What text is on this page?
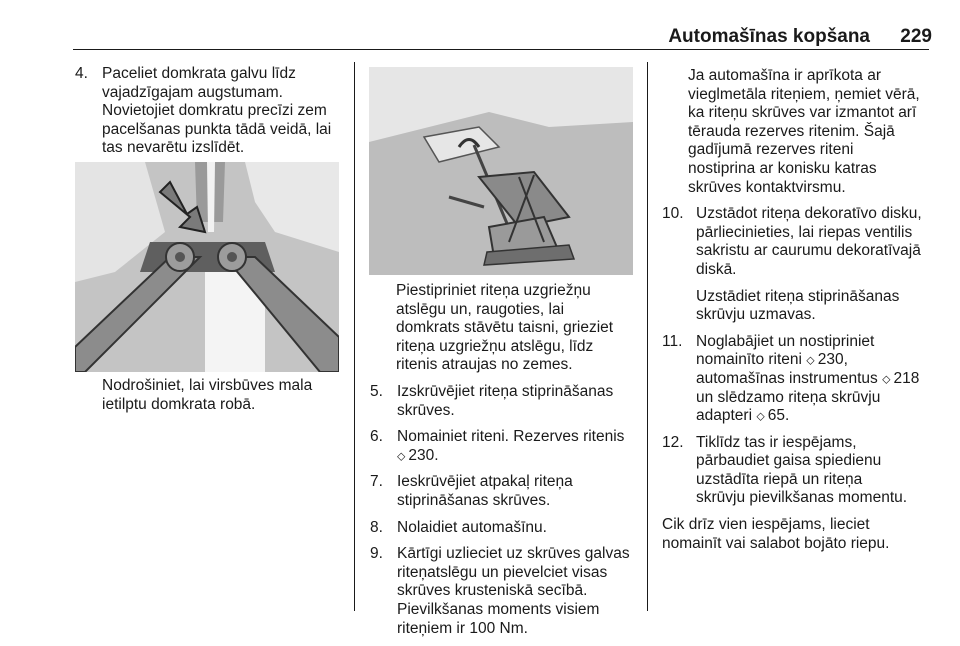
Automašīnas kopšana 229
4. Paceliet domkrata galvu līdz
vajadzīgajam augstumam.
Novietojiet domkratu precīzi zem
pacelšanas punkta tādā veidā, lai
tas nevarētu izslīdēt.
Nodrošiniet, lai virsbūves mala
ietilptu domkrata robā.
Piestipriniet riteņa uzgriežņu
atslēgu un, raugoties, lai
domkrats stāvētu taisni, grieziet
riteņa uzgriežņu atslēgu, līdz
ritenis atraujas no zemes.
5. Izskrūvējiet riteņa stiprināšanas
skrūves.
6. Nomainiet riteni. Rezerves ritenis
⬦ 230.
7. Ieskrūvējiet atpakaļ riteņa
stiprināšanas skrūves.
8. Nolaidiet automašīnu.
9. Kārtīgi uzlieciet uz skrūves galvas
riteņatslēgu un pievelciet visas
skrūves krusteniskā secībā.
Pievilkšanas moments visiem
riteņiem ir 100 Nm.
Ja automašīna ir aprīkota ar
vieglmetāla riteņiem, ņemiet vērā,
ka riteņu skrūves var izmantot arī
tērauda rezerves ritenim. Šajā
gadījumā rezerves riteni
nostiprina ar konisku katras
skrūves kontaktvirsmu.
10. Uzstādot riteņa dekoratīvo disku,
pārliecinieties, lai riepas ventilis
sakristu ar caurumu dekoratīvajā
diskā.
Uzstādiet riteņa stiprināšanas
skrūvju uzmavas.
11. Noglabājiet un nostipriniet
nomainīto riteni ⬦ 230,
automašīnas instrumentus ⬦ 218
un slēdzamo riteņa skrūvju
adapteri ⬦ 65.
12. Tiklīdz tas ir iespējams,
pārbaudiet gaisa spiedienu
uzstādīta riepā un riteņa
skrūvju pievilkšanas momentu.
Cik drīz vien iespējams, lieciet
nomainīt vai salabot bojāto riepu.
